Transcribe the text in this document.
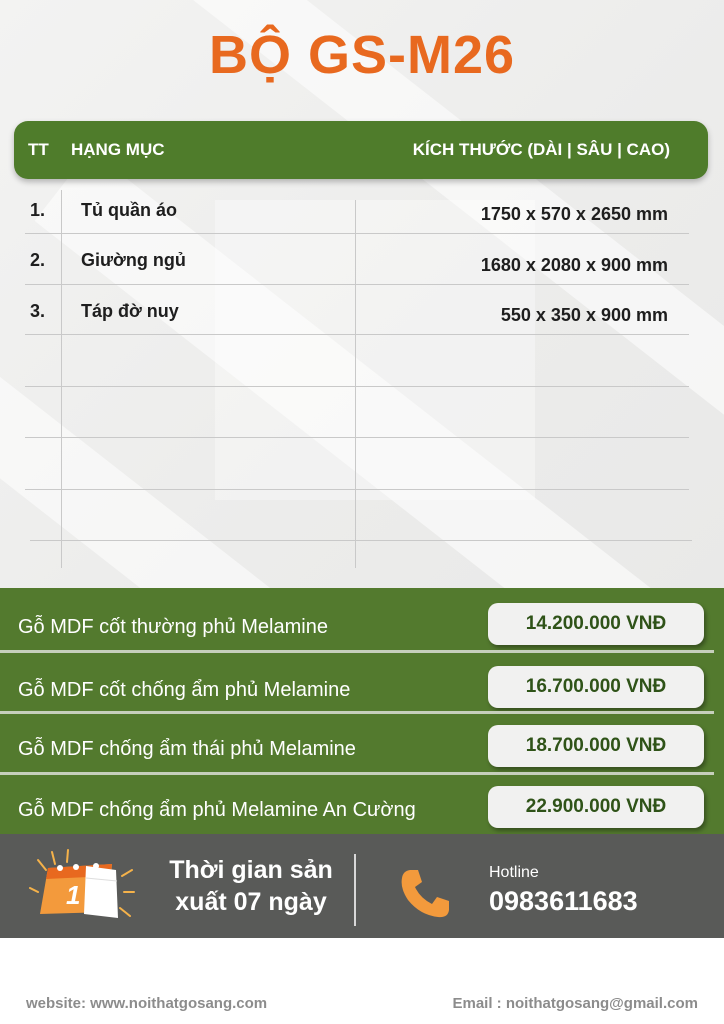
BỘ GS-M26
TT HẠNG MỤC	KÍCH THƯỚC (DÀI | SÂU | CAO)
1. Tủ quần áo	1750 x 570 x 2650 mm
2. Giường ngủ	1680 x 2080 x 900 mm
3. Táp đờ nuy	550 x 350 x 900 mm
Gỗ MDF cốt thường phủ Melamine	14.200.000 VNĐ
Gỗ MDF cốt chống ẩm phủ Melamine	16.700.000 VNĐ
Gỗ MDF chống ẩm thái phủ Melamine	18.700.000 VNĐ
Gỗ MDF chống ẩm phủ Melamine An Cường	22.900.000 VNĐ
1
Thời gian sản
xuất 07 ngày
Hotline
0983611683
website: www.noithatgosang.com	Email : noithatgosang@gmail.com
